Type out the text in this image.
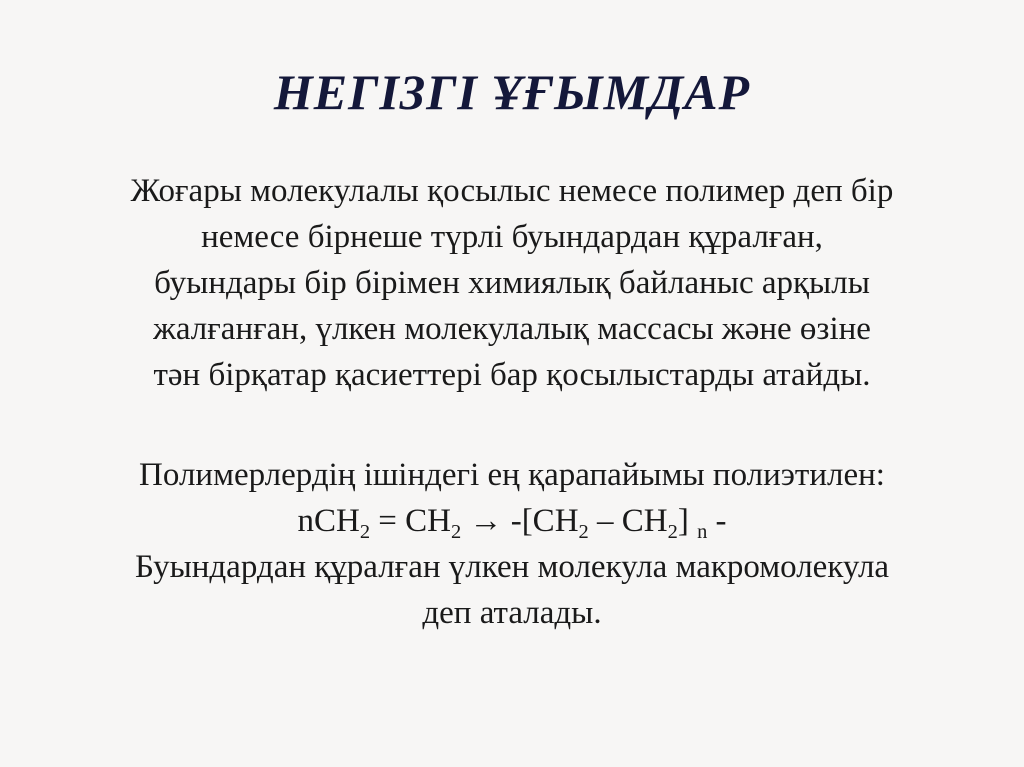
НЕГІЗГІ ҰҒЫМДАР
Жоғары молекулалы қосылыс немесе полимер деп бір
немесе бірнеше түрлі буындардан құралған,
буындары бір бірімен химиялық байланыс арқылы
жалғанған, үлкен молекулалық массасы және өзіне
тән бірқатар қасиеттері бар қосылыстарды атайды.
Полимерлердің ішіндегі ең қарапайымы полиэтилен:
$nCH_2 = CH_2 \to -[CH_2 - CH_2]$ $_n$ -
Буындардан құралған үлкен молекула макромолекула
деп аталады.
